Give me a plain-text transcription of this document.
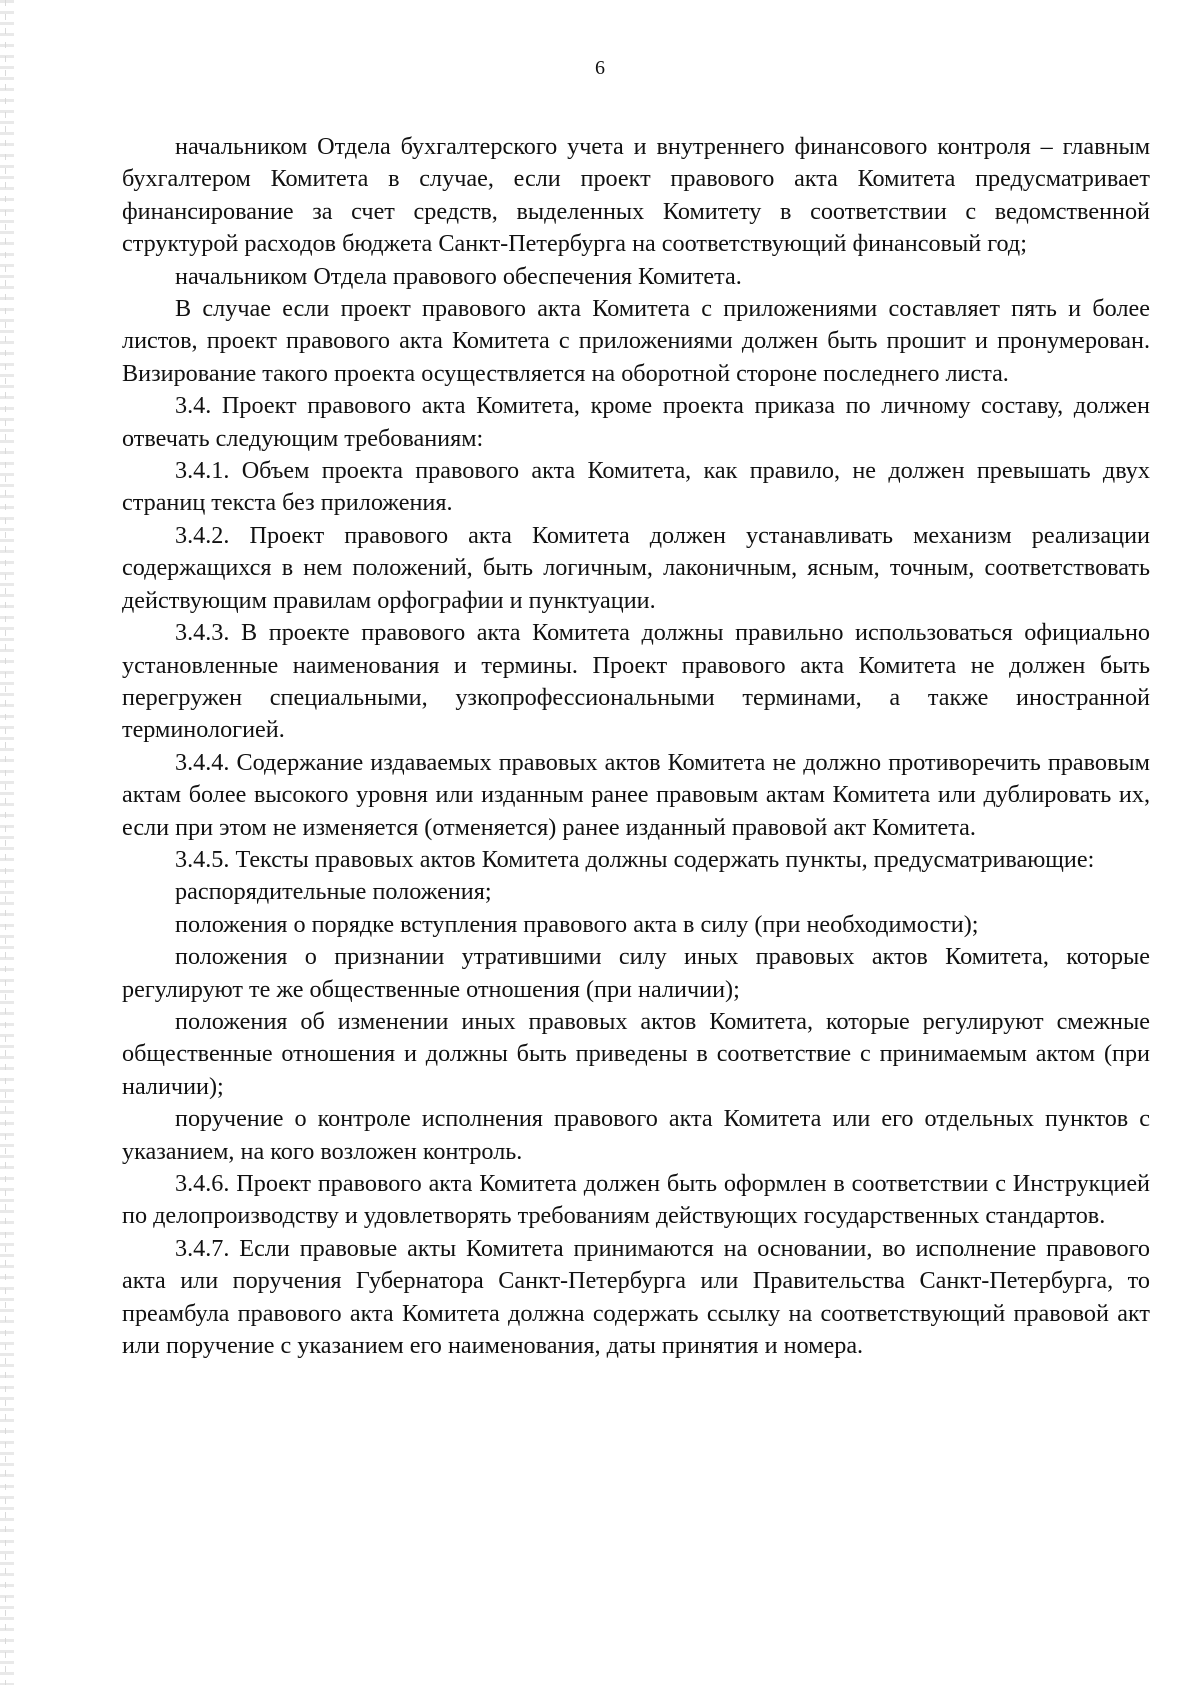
6

начальником Отдела бухгалтерского учета и внутреннего финансового контроля – главным бухгалтером Комитета в случае, если проект правового акта Комитета предусматривает финансирование за счет средств, выделенных Комитету в соответствии с ведомственной структурой расходов бюджета Санкт-Петербурга на соответствующий финансовый год;

начальником Отдела правового обеспечения Комитета.

В случае если проект правового акта Комитета с приложениями составляет пять и более листов, проект правового акта Комитета с приложениями должен быть прошит и пронумерован. Визирование такого проекта осуществляется на оборотной стороне последнего листа.

3.4. Проект правового акта Комитета, кроме проекта приказа по личному составу, должен отвечать следующим требованиям:

3.4.1. Объем проекта правового акта Комитета, как правило, не должен превышать двух страниц текста без приложения.

3.4.2. Проект правового акта Комитета должен устанавливать механизм реализации содержащихся в нем положений, быть логичным, лаконичным, ясным, точным, соответствовать действующим правилам орфографии и пунктуации.

3.4.3. В проекте правового акта Комитета должны правильно использоваться официально установленные наименования и термины. Проект правового акта Комитета не должен быть перегружен специальными, узкопрофессиональными терминами, а также иностранной терминологией.

3.4.4. Содержание издаваемых правовых актов Комитета не должно противоречить правовым актам более высокого уровня или изданным ранее правовым актам Комитета или дублировать их, если при этом не изменяется (отменяется) ранее изданный правовой акт Комитета.

3.4.5. Тексты правовых актов Комитета должны содержать пункты, предусматривающие:

распорядительные положения;

положения о порядке вступления правового акта в силу (при необходимости);

положения о признании утратившими силу иных правовых актов Комитета, которые регулируют те же общественные отношения (при наличии);

положения об изменении иных правовых актов Комитета, которые регулируют смежные общественные отношения и должны быть приведены в соответствие с принимаемым актом (при наличии);

поручение о контроле исполнения правового акта Комитета или его отдельных пунктов с указанием, на кого возложен контроль.

3.4.6. Проект правового акта Комитета должен быть оформлен в соответствии с Инструкцией по делопроизводству и удовлетворять требованиям действующих государственных стандартов.

3.4.7. Если правовые акты Комитета принимаются на основании, во исполнение правового акта или поручения Губернатора Санкт-Петербурга или Правительства Санкт-Петербурга, то преамбула правового акта Комитета должна содержать ссылку на соответствующий правовой акт или поручение с указанием его наименования, даты принятия и номера.
